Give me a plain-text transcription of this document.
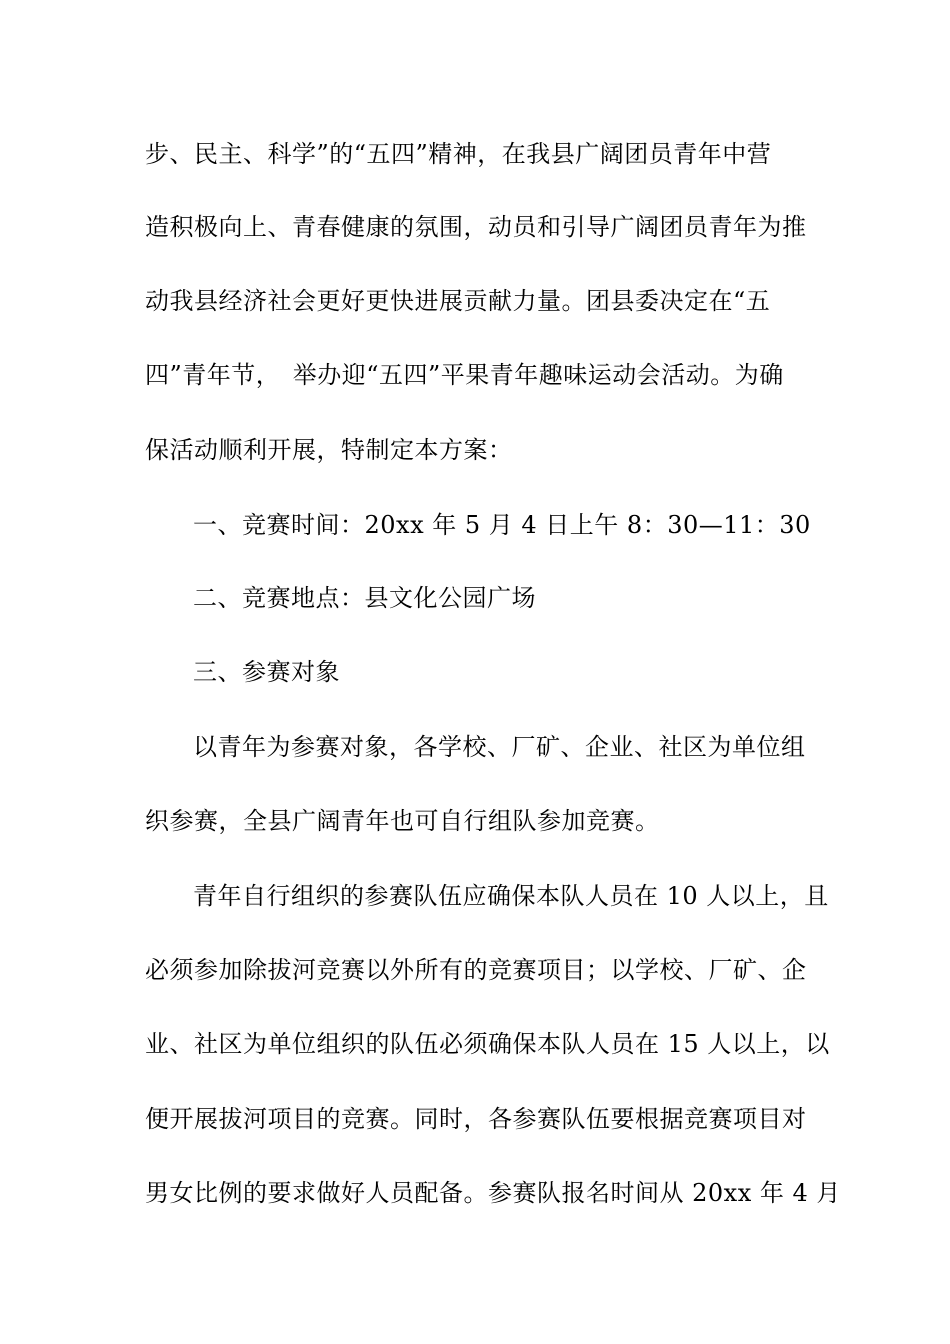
步、民主、科学”的“五四”精神，在我县广阔团员青年中营
造积极向上、青春健康的氛围，动员和引导广阔团员青年为推
动我县经济社会更好更快进展贡献力量。团县委决定在“五
四”青年节，　举办迎“五四”平果青年趣味运动会活动。为确
保活动顺利开展，特制定本方案：
一、竞赛时间：20xx 年 5 月 4 日上午 8：30—11：30
二、竞赛地点：县文化公园广场
三、参赛对象
以青年为参赛对象，各学校、厂矿、企业、社区为单位组
织参赛，全县广阔青年也可自行组队参加竞赛。
青年自行组织的参赛队伍应确保本队人员在 10 人以上，且
必须参加除拔河竞赛以外所有的竞赛项目；以学校、厂矿、企
业、社区为单位组织的队伍必须确保本队人员在 15 人以上，以
便开展拔河项目的竞赛。同时，各参赛队伍要根据竞赛项目对
男女比例的要求做好人员配备。参赛队报名时间从 20xx 年 4 月
